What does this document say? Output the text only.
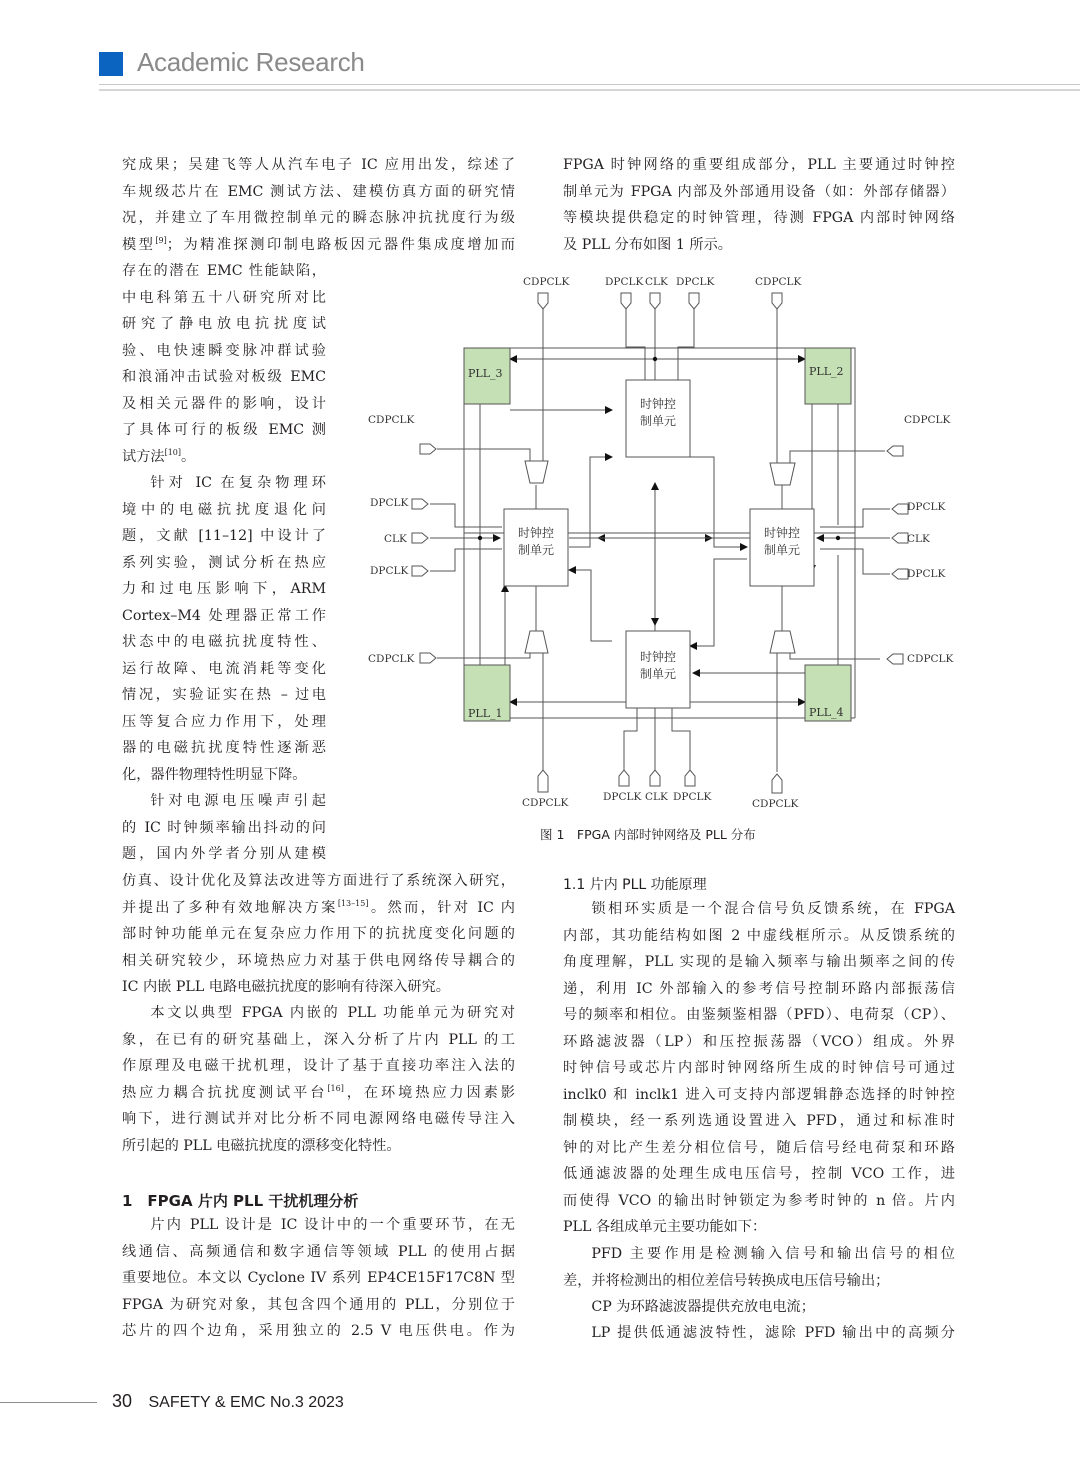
Academic Research
究成果；吴建飞等人从汽车电子 IC 应用出发，综述了
车规级芯片在 EMC 测试方法、建模仿真方面的研究情
况，并建立了车用微控制单元的瞬态脉冲抗扰度行为级
模型[9]；为精准探测印制电路板因元器件集成度增加而
存在的潜在 EMC 性能缺陷，
中电科第五十八研究所对比
研究了静电放电抗扰度试
验、电快速瞬变脉冲群试验
和浪涌冲击试验对板级 EMC
及相关元器件的影响，设计
了具体可行的板级 EMC 测
试方法[10]。
针对 IC 在复杂物理环
境中的电磁抗扰度退化问
题，文献 [11–12] 中设计了
系列实验，测试分析在热应
力和过电压影响下，ARM
Cortex–M4 处理器正常工作
状态中的电磁抗扰度特性、
运行故障、电流消耗等变化
情况，实验证实在热 – 过电
压等复合应力作用下，处理
器的电磁抗扰度特性逐渐恶
化，器件物理特性明显下降。
针对电源电压噪声引起
的 IC 时钟频率输出抖动的问
题，国内外学者分别从建模
仿真、设计优化及算法改进等方面进行了系统深入研究，
并提出了多种有效地解决方案[13–15]。然而，针对 IC 内
部时钟功能单元在复杂应力作用下的抗扰度变化问题的
相关研究较少，环境热应力对基于供电网络传导耦合的
IC 内嵌 PLL 电路电磁抗扰度的影响有待深入研究。
本文以典型 FPGA 内嵌的 PLL 功能单元为研究对
象，在已有的研究基础上，深入分析了片内 PLL 的工
作原理及电磁干扰机理，设计了基于直接功率注入法的
热应力耦合抗扰度测试平台[16]，在环境热应力因素影
响下，进行测试并对比分析不同电源网络电磁传导注入
所引起的 PLL 电磁抗扰度的漂移变化特性。
1　FPGA 片内 PLL 干扰机理分析
片内 PLL 设计是 IC 设计中的一个重要环节，在无
线通信、高频通信和数字通信等领域 PLL 的使用占据
重要地位。本文以 Cyclone IV 系列 EP4CE15F17C8N 型
FPGA 为研究对象，其包含四个通用的 PLL，分别位于
芯片的四个边角，采用独立的 2.5 V 电压供电。作为
FPGA 时钟网络的重要组成部分，PLL 主要通过时钟控
制单元为 FPGA 内部及外部通用设备（如：外部存储器）
等模块提供稳定的时钟管理，待测 FPGA 内部时钟网络
及 PLL 分布如图 1 所示。
PLL_3	PLL_2
PLL_1	PLL_4
时钟控
制单元
时钟控
制单元
时钟控
制单元
时钟控
制单元
CDPCLK	DPCLK CLK DPCLK	CDPCLK
CDPCLK
DPCLK
CLK
DPCLK
CDPCLK
CDPCLK
DPCLK
CLK
DPCLK
CDPCLK
CDPCLK	DPCLK CLK DPCLK
CDPCLK
图 1　FPGA 内部时钟网络及 PLL 分布
1.1 片内 PLL 功能原理
锁相环实质是一个混合信号负反馈系统，在 FPGA
内部，其功能结构如图 2 中虚线框所示。从反馈系统的
角度理解，PLL 实现的是输入频率与输出频率之间的传
递，利用 IC 外部输入的参考信号控制环路内部振荡信
号的频率和相位。由鉴频鉴相器（PFD）、电荷泵（CP）、
环路滤波器（LP）和压控振荡器（VCO）组成。外界
时钟信号或芯片内部时钟网络所生成的时钟信号可通过
inclk0 和 inclk1 进入可支持内部逻辑静态选择的时钟控
制模块，经一系列选通设置进入 PFD，通过和标准时
钟的对比产生差分相位信号，随后信号经电荷泵和环路
低通滤波器的处理生成电压信号，控制 VCO 工作，进
而使得 VCO 的输出时钟锁定为参考时钟的 n 倍。片内
PLL 各组成单元主要功能如下：
PFD 主要作用是检测输入信号和输出信号的相位
差，并将检测出的相位差信号转换成电压信号输出；
CP 为环路滤波器提供充放电电流；
LP 提供低通滤波特性，滤除 PFD 输出中的高频分
30 SAFETY & EMC No.3 2023
